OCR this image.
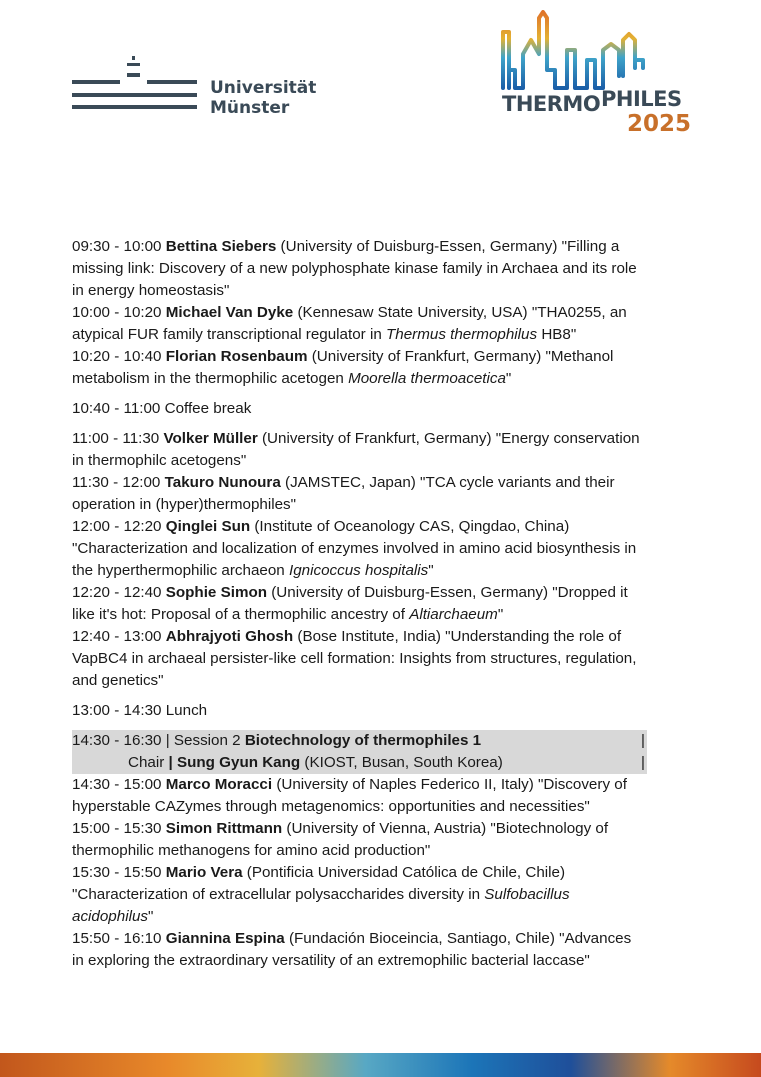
Universität
Münster	THERMO PHILES
2025

09:30 - 10:00 Bettina Siebers (University of Duisburg-Essen, Germany) "Filling a missing link: Discovery of a new polyphosphate kinase family in Archaea and its role in energy homeostasis"

10:00 - 10:20 Michael Van Dyke (Kennesaw State University, USA) "THA0255, an atypical FUR family transcriptional regulator in Thermus thermophilus HB8"

10:20 - 10:40 Florian Rosenbaum (University of Frankfurt, Germany) "Methanol metabolism in the thermophilic acetogen Moorella thermoacetica"

10:40 - 11:00 Coffee break

11:00 - 11:30 Volker Müller (University of Frankfurt, Germany) "Energy conservation in thermophilc acetogens"

11:30 - 12:00 Takuro Nunoura (JAMSTEC, Japan) "TCA cycle variants and their operation in (hyper)thermophiles"

12:00 - 12:20 Qinglei Sun (Institute of Oceanology CAS, Qingdao, China) "Characterization and localization of enzymes involved in amino acid biosynthesis in the hyperthermophilic archaeon Ignicoccus hospitalis"

12:20 - 12:40 Sophie Simon (University of Duisburg-Essen, Germany) "Dropped it like it's hot: Proposal of a thermophilic ancestry of Altiarchaeum"

12:40 - 13:00 Abhrajyoti Ghosh (Bose Institute, India) "Understanding the role of VapBC4 in archaeal persister-like cell formation: Insights from structures, regulation, and genetics"

13:00 - 14:30 Lunch

14:30 - 16:30 | Session 2 Biotechnology of thermophiles 1	|
Chair | Sung Gyun Kang (KIOST, Busan, South Korea)	|

14:30 - 15:00 Marco Moracci (University of Naples Federico II, Italy) "Discovery of hyperstable CAZymes through metagenomics: opportunities and necessities"

15:00 - 15:30 Simon Rittmann (University of Vienna, Austria) "Biotechnology of thermophilic methanogens for amino acid production"

15:30 - 15:50 Mario Vera (Pontificia Universidad Católica de Chile, Chile) "Characterization of extracellular polysaccharides diversity in Sulfobacillus acidophilus"

15:50 - 16:10 Giannina Espina (Fundación Bioceincia, Santiago, Chile) "Advances in exploring the extraordinary versatility of an extremophilic bacterial laccase"
